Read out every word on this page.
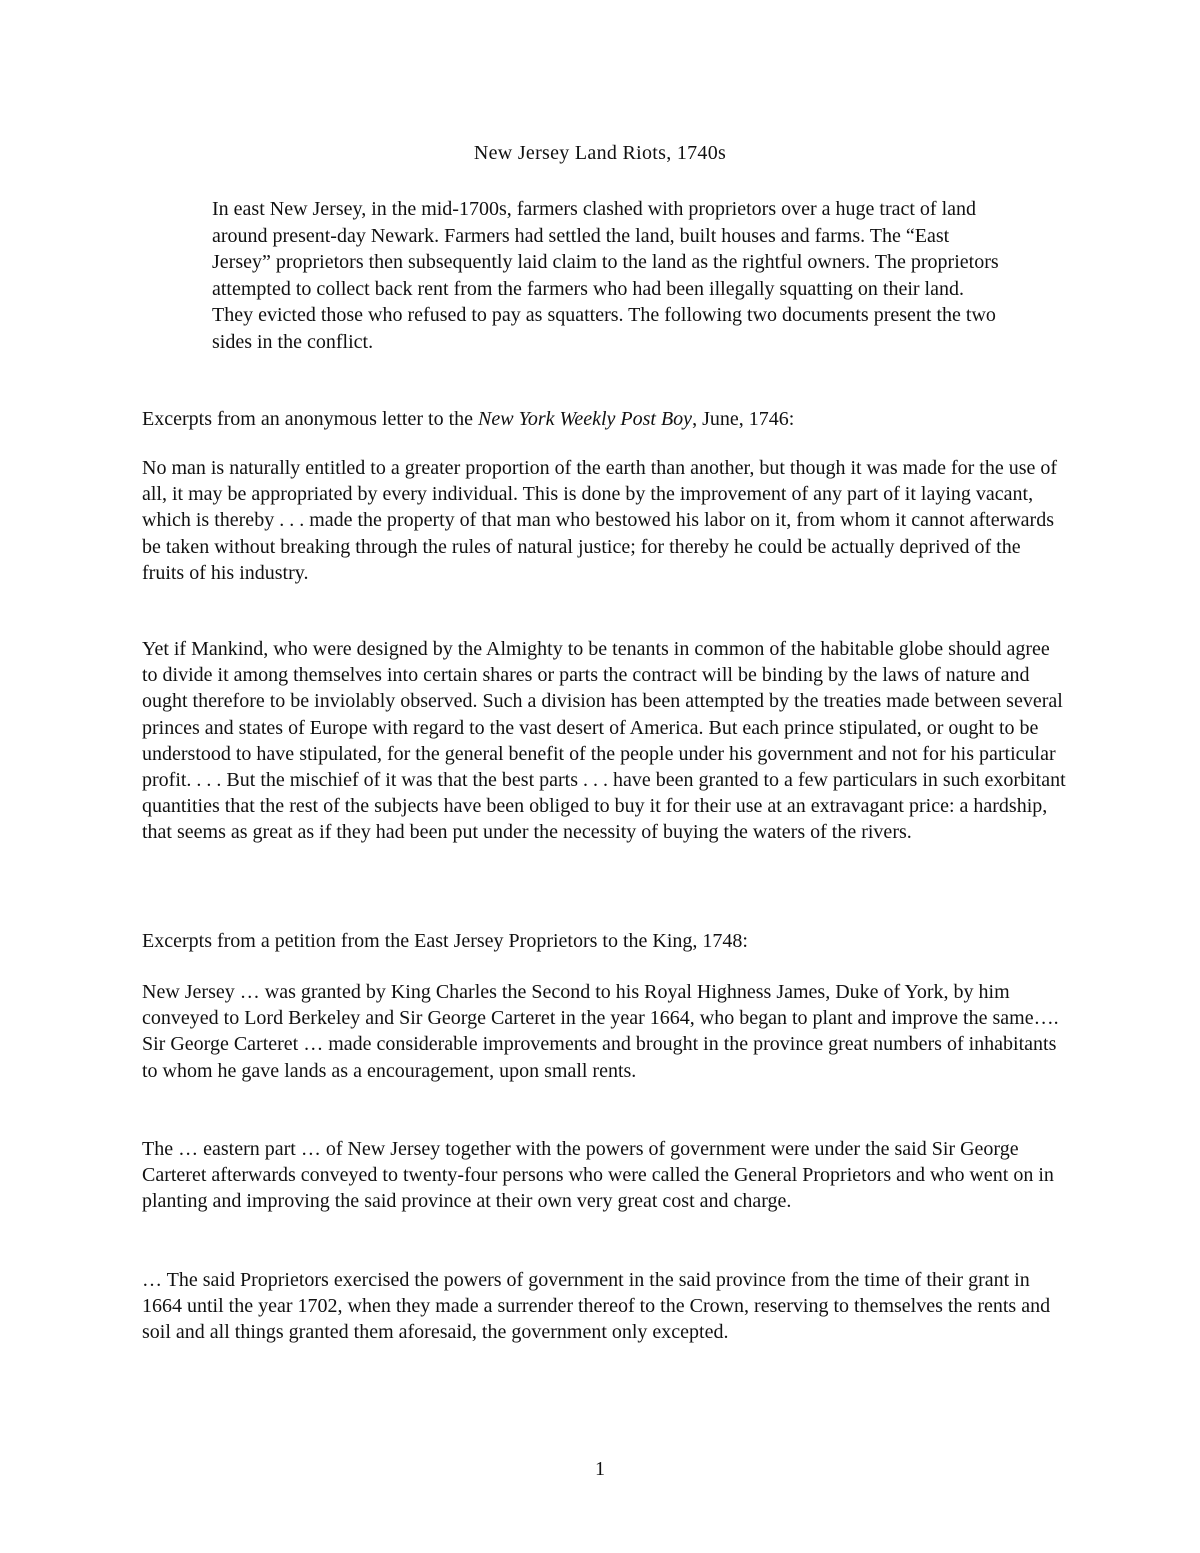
New Jersey Land Riots, 1740s

In east New Jersey, in the mid-1700s, farmers clashed with proprietors over a huge tract of land around present-day Newark. Farmers had settled the land, built houses and farms. The “East Jersey” proprietors then subsequently laid claim to the land as the rightful owners. The proprietors attempted to collect back rent from the farmers who had been illegally squatting on their land. They evicted those who refused to pay as squatters. The following two documents present the two sides in the conflict.

Excerpts from an anonymous letter to the New York Weekly Post Boy, June, 1746:

No man is naturally entitled to a greater proportion of the earth than another, but though it was made for the use of all, it may be appropriated by every individual. This is done by the improvement of any part of it laying vacant, which is thereby . . . made the property of that man who bestowed his labor on it, from whom it cannot afterwards be taken without breaking through the rules of natural justice; for thereby he could be actually deprived of the fruits of his industry.

Yet if Mankind, who were designed by the Almighty to be tenants in common of the habitable globe should agree to divide it among themselves into certain shares or parts the contract will be binding by the laws of nature and ought therefore to be inviolably observed. Such a division has been attempted by the treaties made between several princes and states of Europe with regard to the vast desert of America. But each prince stipulated, or ought to be understood to have stipulated, for the general benefit of the people under his government and not for his particular profit. . . . But the mischief of it was that the best parts . . . have been granted to a few particulars in such exorbitant quantities that the rest of the subjects have been obliged to buy it for their use at an extravagant price: a hardship, that seems as great as if they had been put under the necessity of buying the waters of the rivers.

Excerpts from a petition from the East Jersey Proprietors to the King, 1748:

New Jersey … was granted by King Charles the Second to his Royal Highness James, Duke of York, by him conveyed to Lord Berkeley and Sir George Carteret in the year 1664, who began to plant and improve the same…. Sir George Carteret … made considerable improvements and brought in the province great numbers of inhabitants to whom he gave lands as a encouragement, upon small rents.

The … eastern part … of New Jersey together with the powers of government were under the said Sir George Carteret afterwards conveyed to twenty-four persons who were called the General Proprietors and who went on in planting and improving the said province at their own very great cost and charge.

… The said Proprietors exercised the powers of government in the said province from the time of their grant in 1664 until the year 1702, when they made a surrender thereof to the Crown, reserving to themselves the rents and soil and all things granted them aforesaid, the government only excepted.

1
